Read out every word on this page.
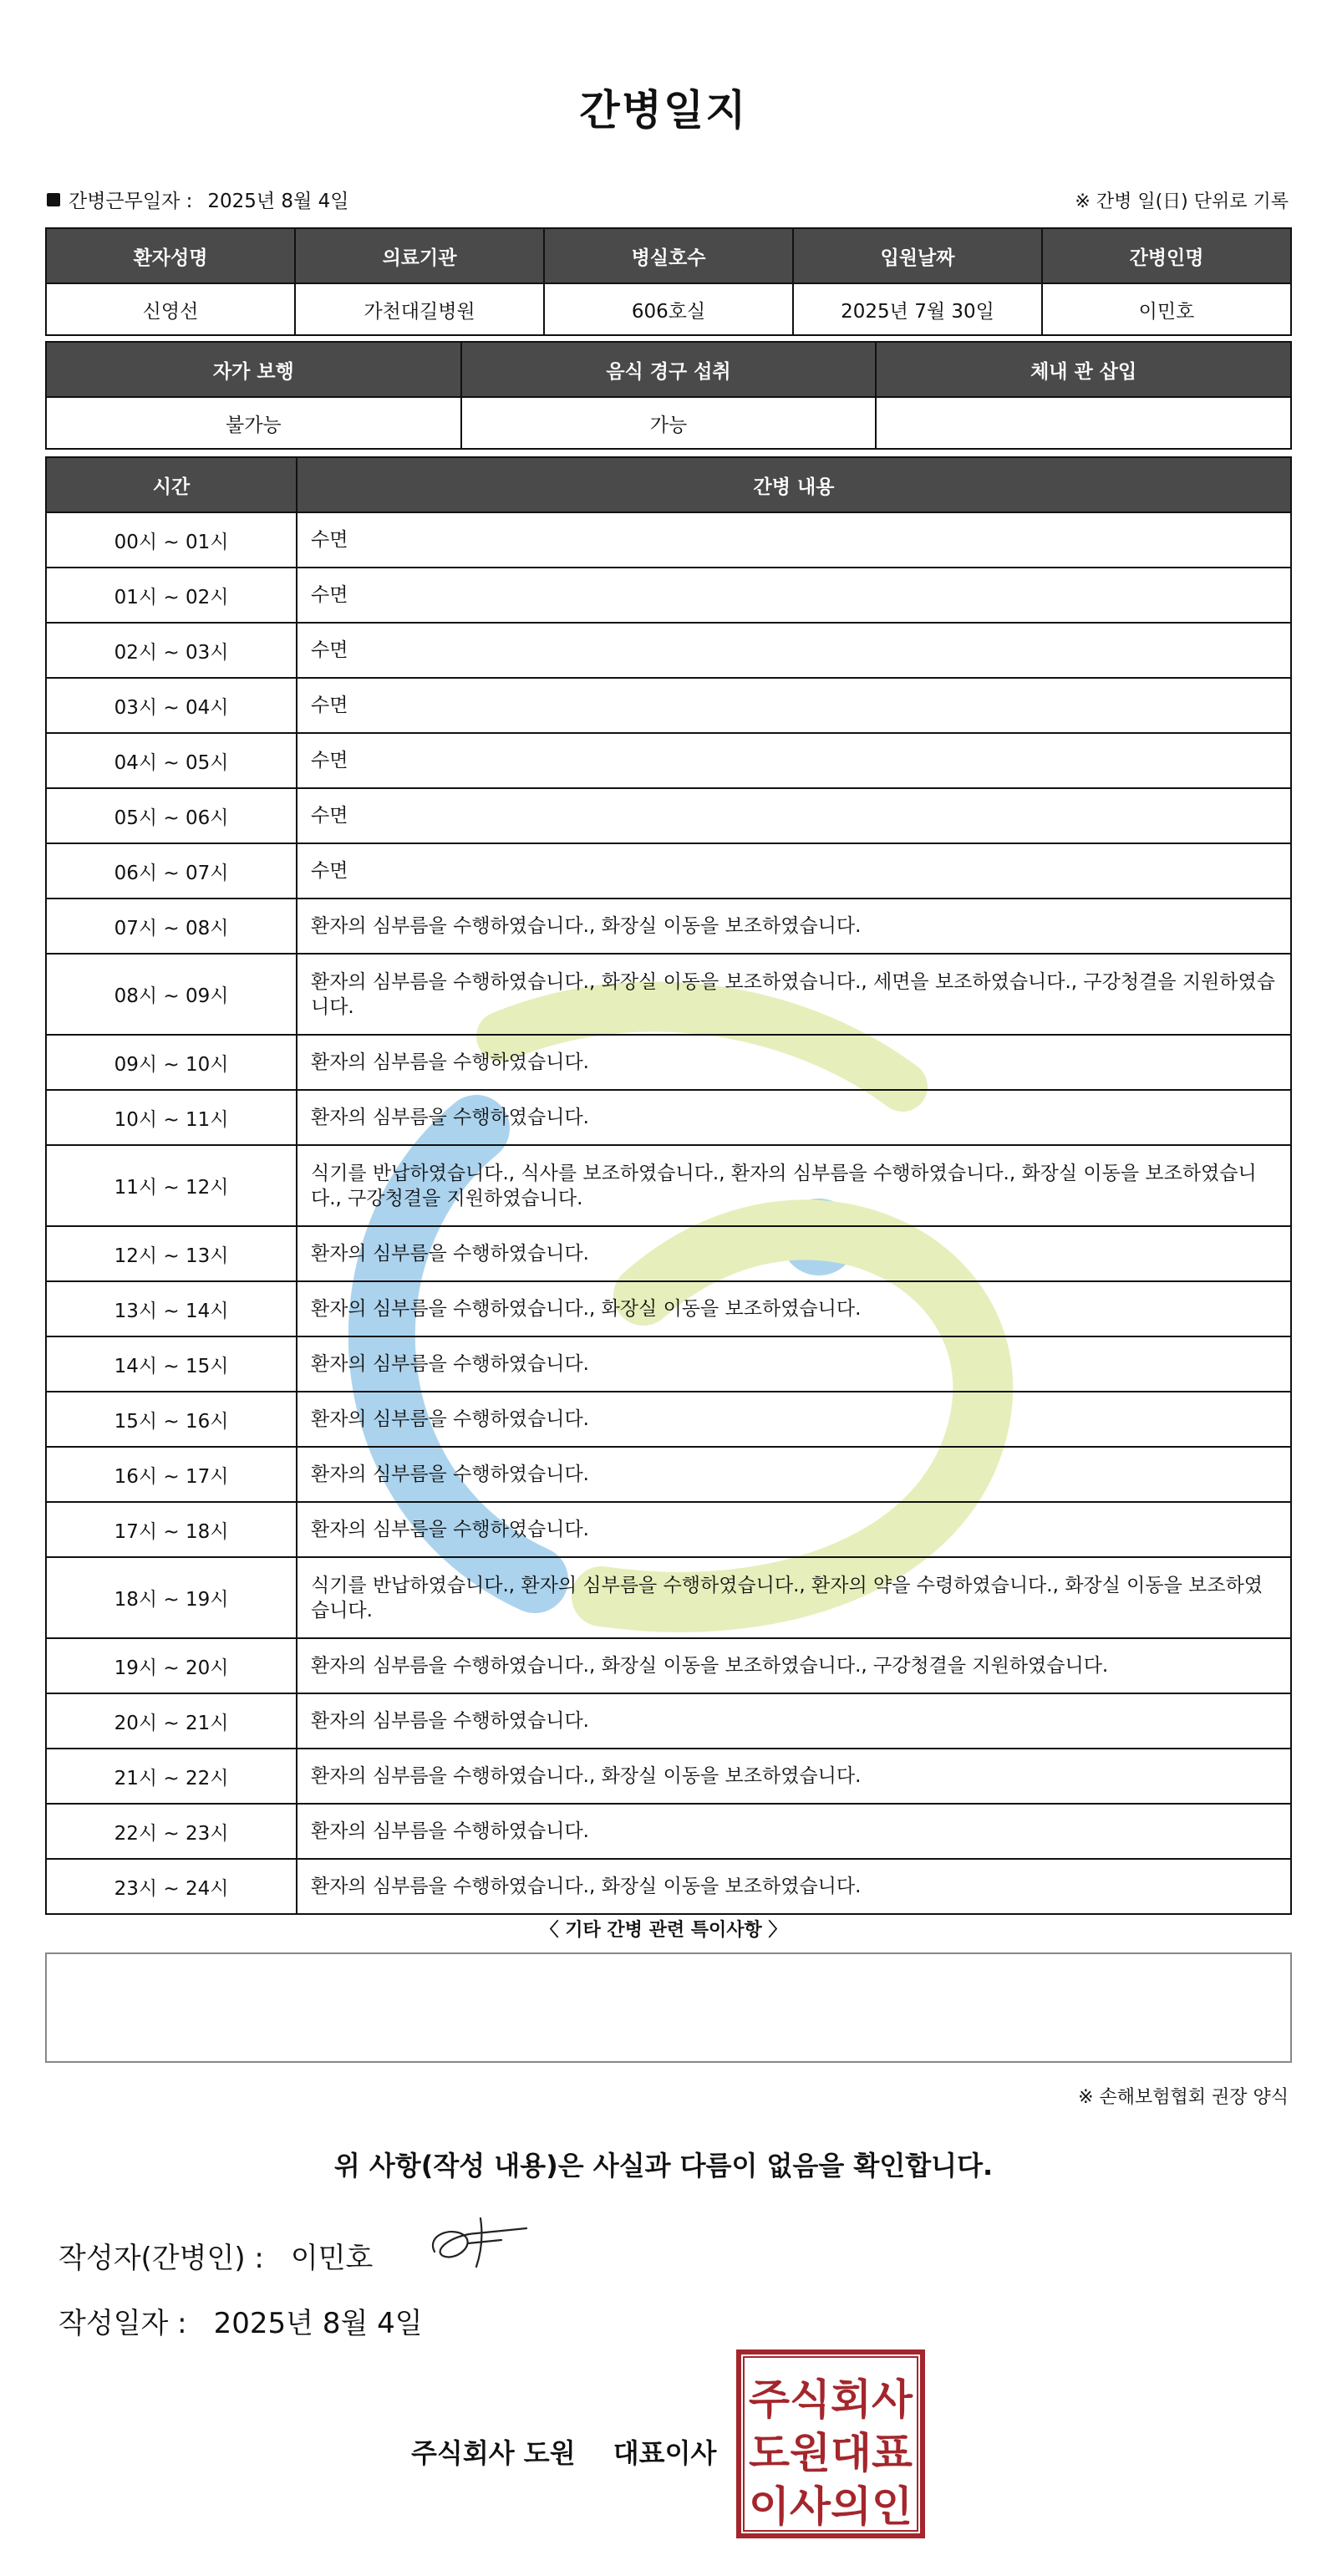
간병일지
간병근무일자 : 2025년 8월 4일	※ 간병 일(日) 단위로 기록
환자성명	의료기관	병실호수	입원날짜	간병인명
신영선	가천대길병원	606호실	2025년 7월 30일	이민호
자가 보행	음식 경구 섭취	체내 관 삽입
불가능	가능	
시간	간병 내용
00시 ~ 01시	수면
01시 ~ 02시	수면
02시 ~ 03시	수면
03시 ~ 04시	수면
04시 ~ 05시	수면
05시 ~ 06시	수면
06시 ~ 07시	수면
07시 ~ 08시	환자의 심부름을 수행하였습니다., 화장실 이동을 보조하였습니다.
08시 ~ 09시	환자의 심부름을 수행하였습니다., 화장실 이동을 보조하였습니다., 세면을 보조하였습니다., 구강청결을 지원하였습니다.
09시 ~ 10시	환자의 심부름을 수행하였습니다.
10시 ~ 11시	환자의 심부름을 수행하였습니다.
11시 ~ 12시	식기를 반납하였습니다., 식사를 보조하였습니다., 환자의 심부름을 수행하였습니다., 화장실 이동을 보조하였습니다., 구강청결을 지원하였습니다.
12시 ~ 13시	환자의 심부름을 수행하였습니다.
13시 ~ 14시	환자의 심부름을 수행하였습니다., 화장실 이동을 보조하였습니다.
14시 ~ 15시	환자의 심부름을 수행하였습니다.
15시 ~ 16시	환자의 심부름을 수행하였습니다.
16시 ~ 17시	환자의 심부름을 수행하였습니다.
17시 ~ 18시	환자의 심부름을 수행하였습니다.
18시 ~ 19시	식기를 반납하였습니다., 환자의 심부름을 수행하였습니다., 환자의 약을 수령하였습니다., 화장실 이동을 보조하였습니다.
19시 ~ 20시	환자의 심부름을 수행하였습니다., 화장실 이동을 보조하였습니다., 구강청결을 지원하였습니다.
20시 ~ 21시	환자의 심부름을 수행하였습니다.
21시 ~ 22시	환자의 심부름을 수행하였습니다., 화장실 이동을 보조하였습니다.
22시 ~ 23시	환자의 심부름을 수행하였습니다.
23시 ~ 24시	환자의 심부름을 수행하였습니다., 화장실 이동을 보조하였습니다.
〈 기타 간병 관련 특이사항 〉
※ 손해보험협회 권장 양식
위 사항(작성 내용)은 사실과 다름이 없음을 확인합니다.
작성자(간병인) : 이민호
작성일자 : 2025년 8월 4일
주식회사 도원 대표이사
주식회사
도원대표
이사의인
